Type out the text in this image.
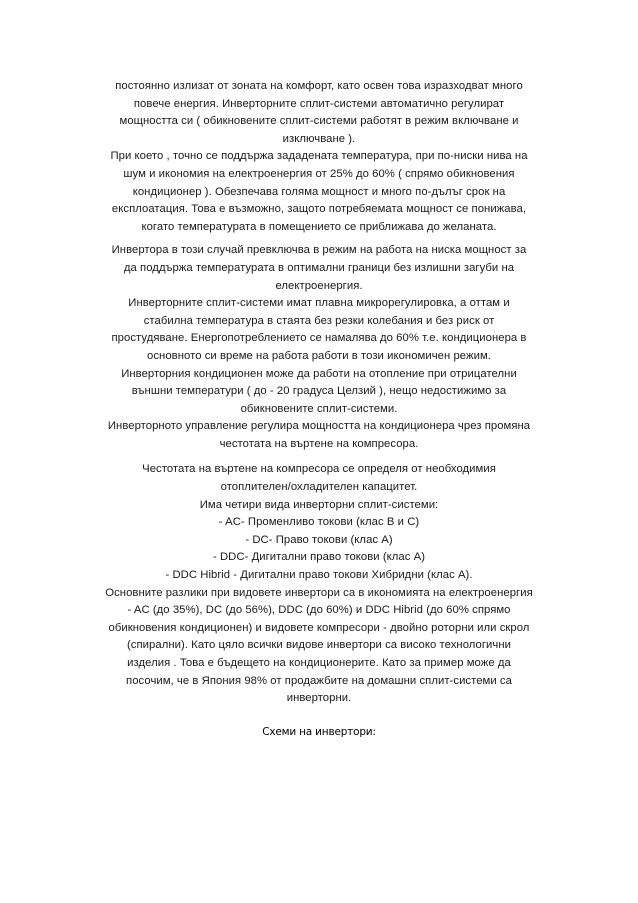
постоянно излизат от зоната на комфорт, като освен това изразходват много
повече енергия. Инверторните сплит-системи автоматично регулират
мощността си ( обикновените сплит-системи работят в режим включване и
изключване ).
При което , точно се поддържа зададената температура, при по-ниски нива на
шум и икономия на електроенергия от 25% до 60% ( спрямо обикновения
кондиционер ). Обезпечава голяма мощност и много по-дълъг срок на
експлоатация. Това е възможно, защото потребяемата мощност се понижава,
когато температурата в помещението се приближава до желаната.
Инвертора в този случай превключва в режим на работа на ниска мощност за
да поддържа температурата в оптимални граници без излишни загуби на
електроенергия.
Инверторните сплит-системи имат плавна микрорегулировка, а оттам и
стабилна температура в стаята без резки колебания и без риск от
простудяване. Енергопотреблението се намалява до 60% т.е. кондиционера в
основното си време на работа работи в този икономичен режим.
Инверторния кондиционен може да работи на отопление при отрицателни
външни температури ( до - 20 градуса Целзий ), нещо недостижимо за
обикновените сплит-системи.
Инверторното управление регулира мощността на кондиционера чрез промяна
честотата на въртене на компресора.
Честотата на въртене на компресора се определя от необходимия
отоплителен/охладителен капацитет.
Има четири вида инверторни сплит-системи:
- AC- Променливо токови (клас B и C)
- DC- Право токови (клас А)
- DDC- Дигитални право токови (клас А)
- DDC Hibrid - Дигитални право токови Хибридни (клас А).
Основните разлики при видовете инвертори са в икономията на електроенергия
- AC (до 35%), DC (до 56%), DDC (до 60%) и DDC Hibrid (до 60% спрямо
обикновения кондиционен) и видовете компресори - двойно роторни или скрол
(спирални). Като цяло всички видове инвертори са високо технологични
изделия . Това е бъдещето на кондиционерите. Като за пример може да
посочим, че в Япония 98% от продажбите на домашни сплит-системи са
инверторни.
Схеми на инвертори:
